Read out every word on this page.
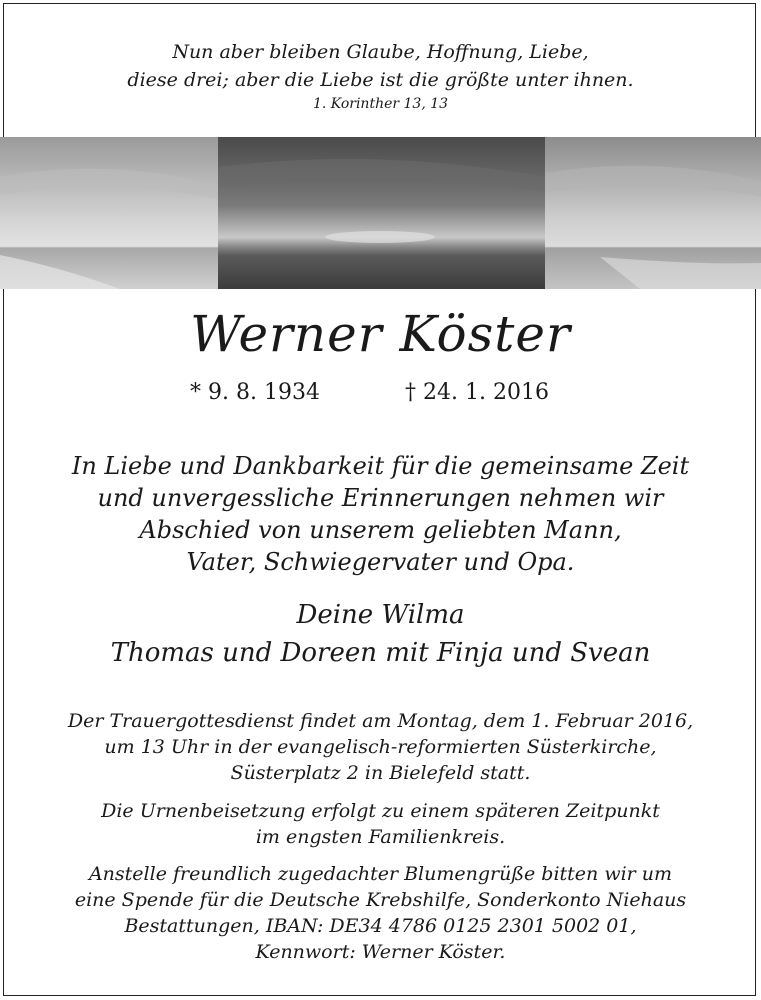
Nun aber bleiben Glaube, Hoffnung, Liebe,
diese drei; aber die Liebe ist die größte unter ihnen.
1. Korinther 13, 13
Werner Köster
* 9. 8. 1934	† 24. 1. 2016
In Liebe und Dankbarkeit für die gemeinsame Zeit
und unvergessliche Erinnerungen nehmen wir
Abschied von unserem geliebten Mann,
Vater, Schwiegervater und Opa.
Deine Wilma
Thomas und Doreen mit Finja und Svean
Der Trauergottesdienst findet am Montag, dem 1. Februar 2016,
um 13 Uhr in der evangelisch-reformierten Süsterkirche,
Süsterplatz 2 in Bielefeld statt.
Die Urnenbeisetzung erfolgt zu einem späteren Zeitpunkt
im engsten Familienkreis.
Anstelle freundlich zugedachter Blumengrüße bitten wir um
eine Spende für die Deutsche Krebshilfe, Sonderkonto Niehaus
Bestattungen, IBAN: DE34 4786 0125 2301 5002 01,
Kennwort: Werner Köster.
